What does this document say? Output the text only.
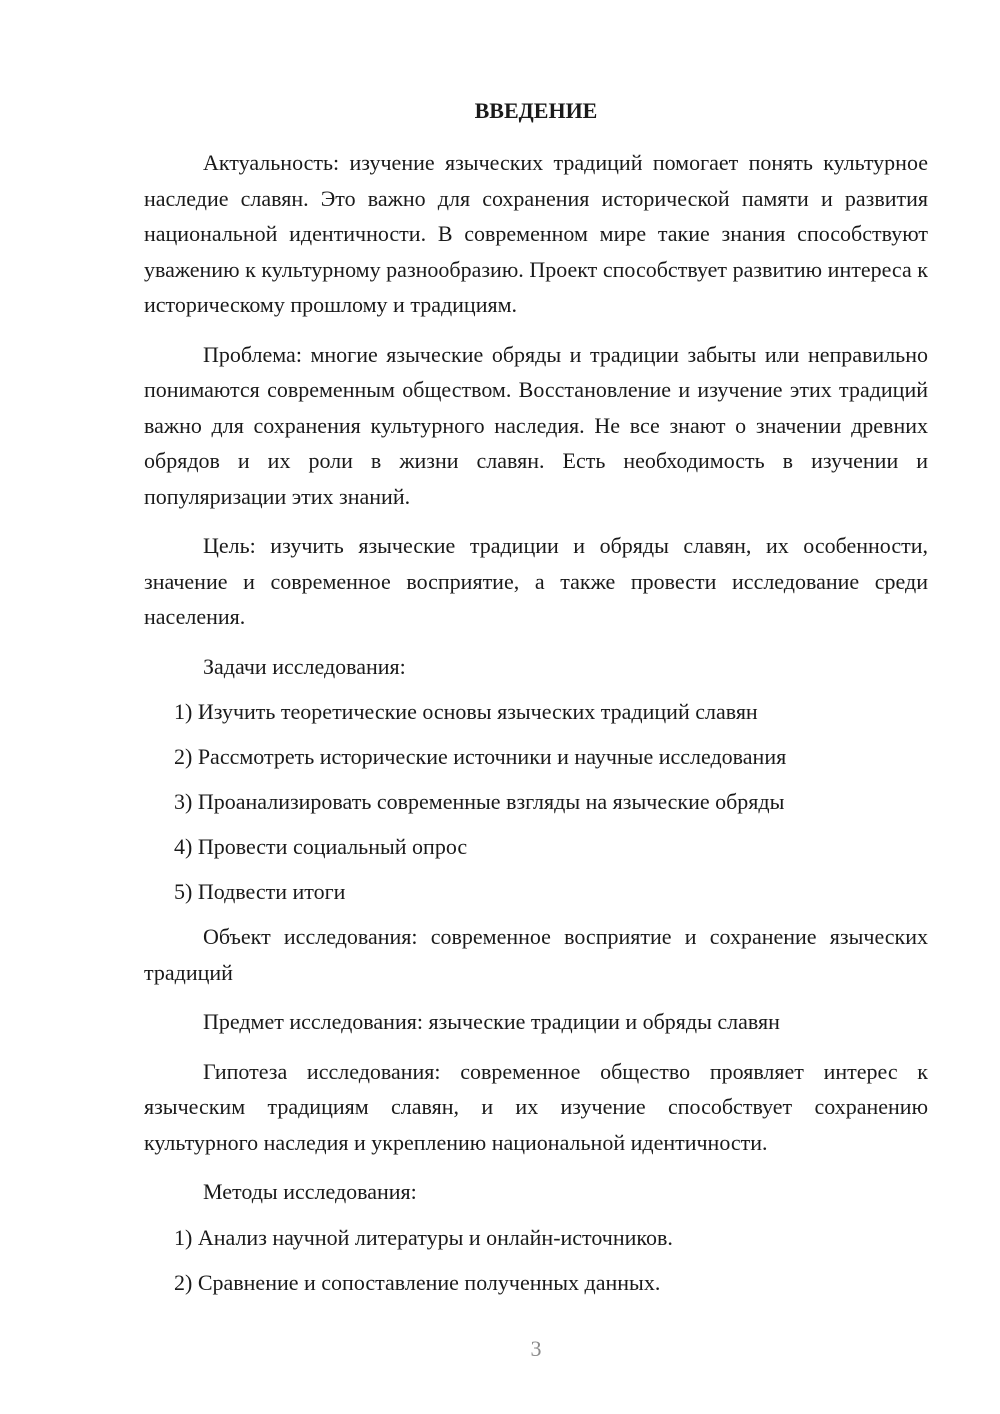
ВВЕДЕНИЕ

Актуальность: изучение языческих традиций помогает понять культурное наследие славян. Это важно для сохранения исторической памяти и развития национальной идентичности. В современном мире такие знания способствуют уважению к культурному разнообразию. Проект способствует развитию интереса к историческому прошлому и традициям.

Проблема: многие языческие обряды и традиции забыты или неправильно понимаются современным обществом. Восстановление и изучение этих традиций важно для сохранения культурного наследия. Не все знают о значении древних обрядов и их роли в жизни славян. Есть необходимость в изучении и популяризации этих знаний.

Цель: изучить языческие традиции и обряды славян, их особенности, значение и современное восприятие, а также провести исследование среди населения.

Задачи исследования:

1) Изучить теоретические основы языческих традиций славян
2) Рассмотреть исторические источники и научные исследования
3) Проанализировать современные взгляды на языческие обряды
4) Провести социальный опрос
5) Подвести итоги

Объект исследования: современное восприятие и сохранение языческих традиций

Предмет исследования: языческие традиции и обряды славян

Гипотеза исследования: современное общество проявляет интерес к языческим традициям славян, и их изучение способствует сохранению культурного наследия и укреплению национальной идентичности.

Методы исследования:

1) Анализ научной литературы и онлайн-источников.
2) Сравнение и сопоставление полученных данных.
3
